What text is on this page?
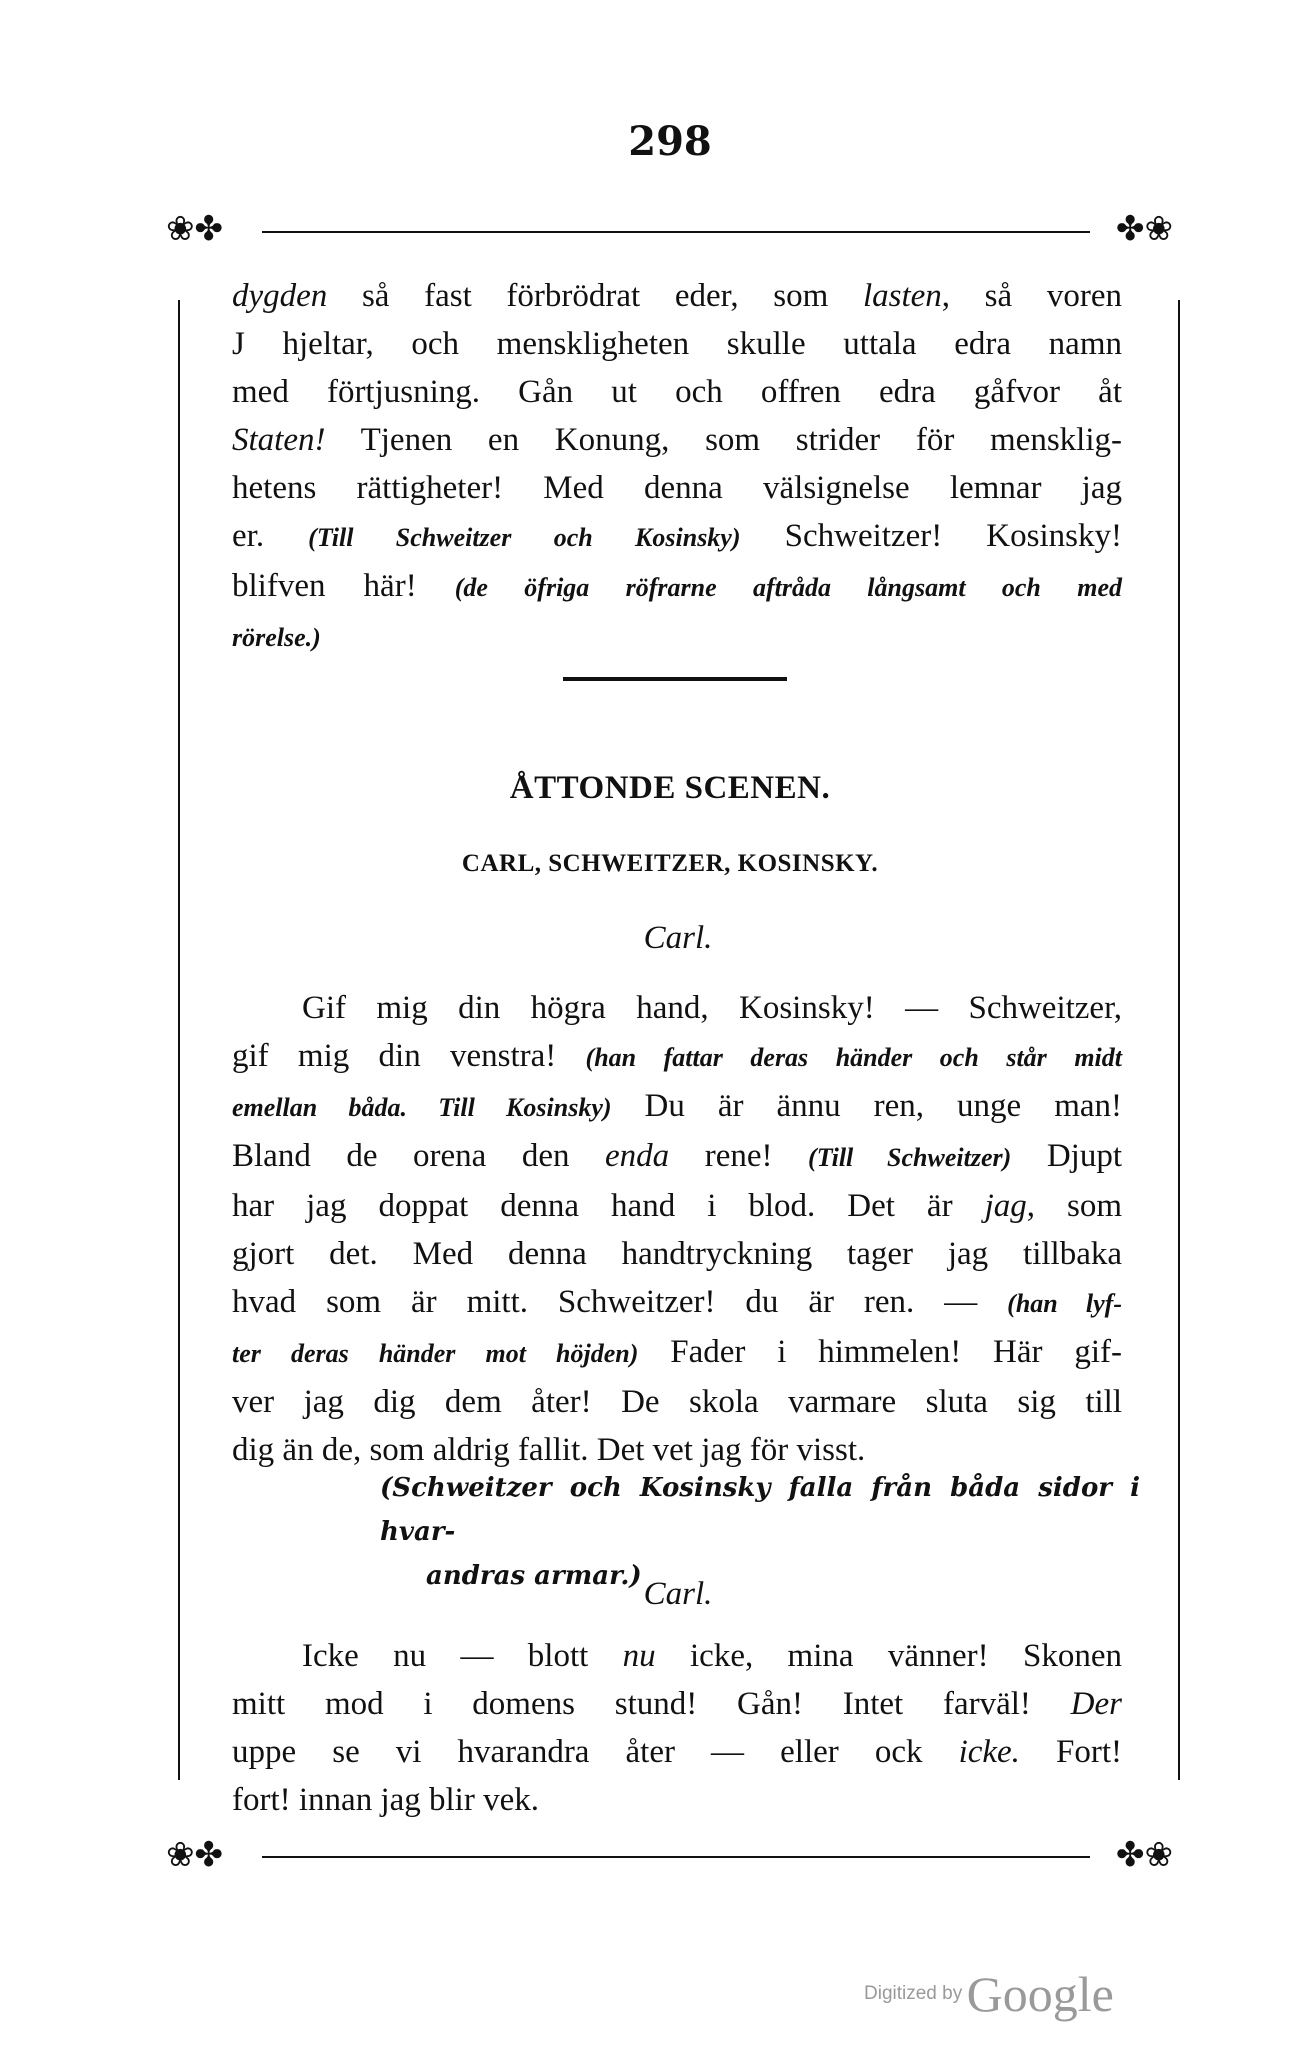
298
❀✤	✤❀
❀✤	✤❀
dygden så fast förbrödrat eder, som lasten, så voren
J hjeltar, och menskligheten skulle uttala edra namn
med förtjusning. Gån ut och offren edra gåfvor åt
Staten! Tjenen en Konung, som strider för mensklig-
hetens rättigheter! Med denna välsignelse lemnar jag
er. (Till Schweitzer och Kosinsky) Schweitzer! Kosinsky!
blifven här! (de öfriga röfrarne aftråda långsamt och med
rörelse.)
ÅTTONDE SCENEN.
CARL, SCHWEITZER, KOSINSKY.
Carl.
Gif mig din högra hand, Kosinsky! — Schweitzer,
gif mig din venstra! (han fattar deras händer och står midt
emellan båda. Till Kosinsky) Du är ännu ren, unge man!
Bland de orena den enda rene! (Till Schweitzer) Djupt
har jag doppat denna hand i blod. Det är jag, som
gjort det. Med denna handtryckning tager jag tillbaka
hvad som är mitt. Schweitzer! du är ren. — (han lyf-
ter deras händer mot höjden) Fader i himmelen! Här gif-
ver jag dig dem åter! De skola varmare sluta sig till
dig än de, som aldrig fallit. Det vet jag för visst.
(Schweitzer och Kosinsky falla från båda sidor i hvar-
andras armar.) Carl.
Icke nu — blott nu icke, mina vänner! Skonen
mitt mod i domens stund! Gån! Intet farväl! Der
uppe se vi hvarandra åter — eller ock icke. Fort!
fort! innan jag blir vek.
Digitized by Google
